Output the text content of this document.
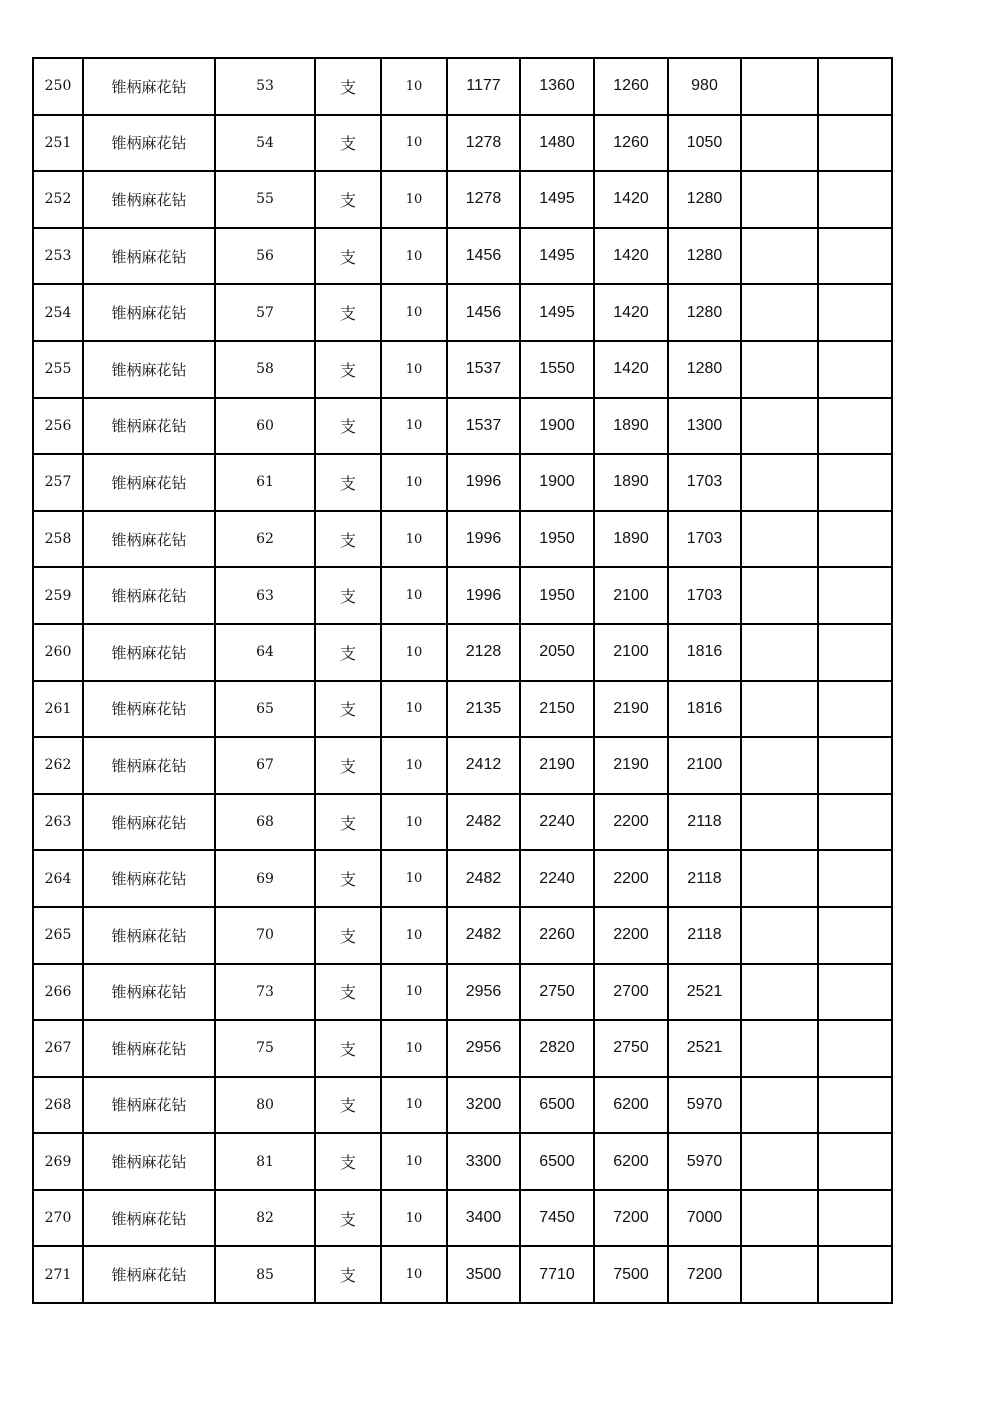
250	锥柄麻花钻	53	支	10	1177	1360	1260	980		
251	锥柄麻花钻	54	支	10	1278	1480	1260	1050		
252	锥柄麻花钻	55	支	10	1278	1495	1420	1280		
253	锥柄麻花钻	56	支	10	1456	1495	1420	1280		
254	锥柄麻花钻	57	支	10	1456	1495	1420	1280		
255	锥柄麻花钻	58	支	10	1537	1550	1420	1280		
256	锥柄麻花钻	60	支	10	1537	1900	1890	1300		
257	锥柄麻花钻	61	支	10	1996	1900	1890	1703		
258	锥柄麻花钻	62	支	10	1996	1950	1890	1703		
259	锥柄麻花钻	63	支	10	1996	1950	2100	1703		
260	锥柄麻花钻	64	支	10	2128	2050	2100	1816		
261	锥柄麻花钻	65	支	10	2135	2150	2190	1816		
262	锥柄麻花钻	67	支	10	2412	2190	2190	2100		
263	锥柄麻花钻	68	支	10	2482	2240	2200	2118		
264	锥柄麻花钻	69	支	10	2482	2240	2200	2118		
265	锥柄麻花钻	70	支	10	2482	2260	2200	2118		
266	锥柄麻花钻	73	支	10	2956	2750	2700	2521		
267	锥柄麻花钻	75	支	10	2956	2820	2750	2521		
268	锥柄麻花钻	80	支	10	3200	6500	6200	5970		
269	锥柄麻花钻	81	支	10	3300	6500	6200	5970		
270	锥柄麻花钻	82	支	10	3400	7450	7200	7000		
271	锥柄麻花钻	85	支	10	3500	7710	7500	7200		
